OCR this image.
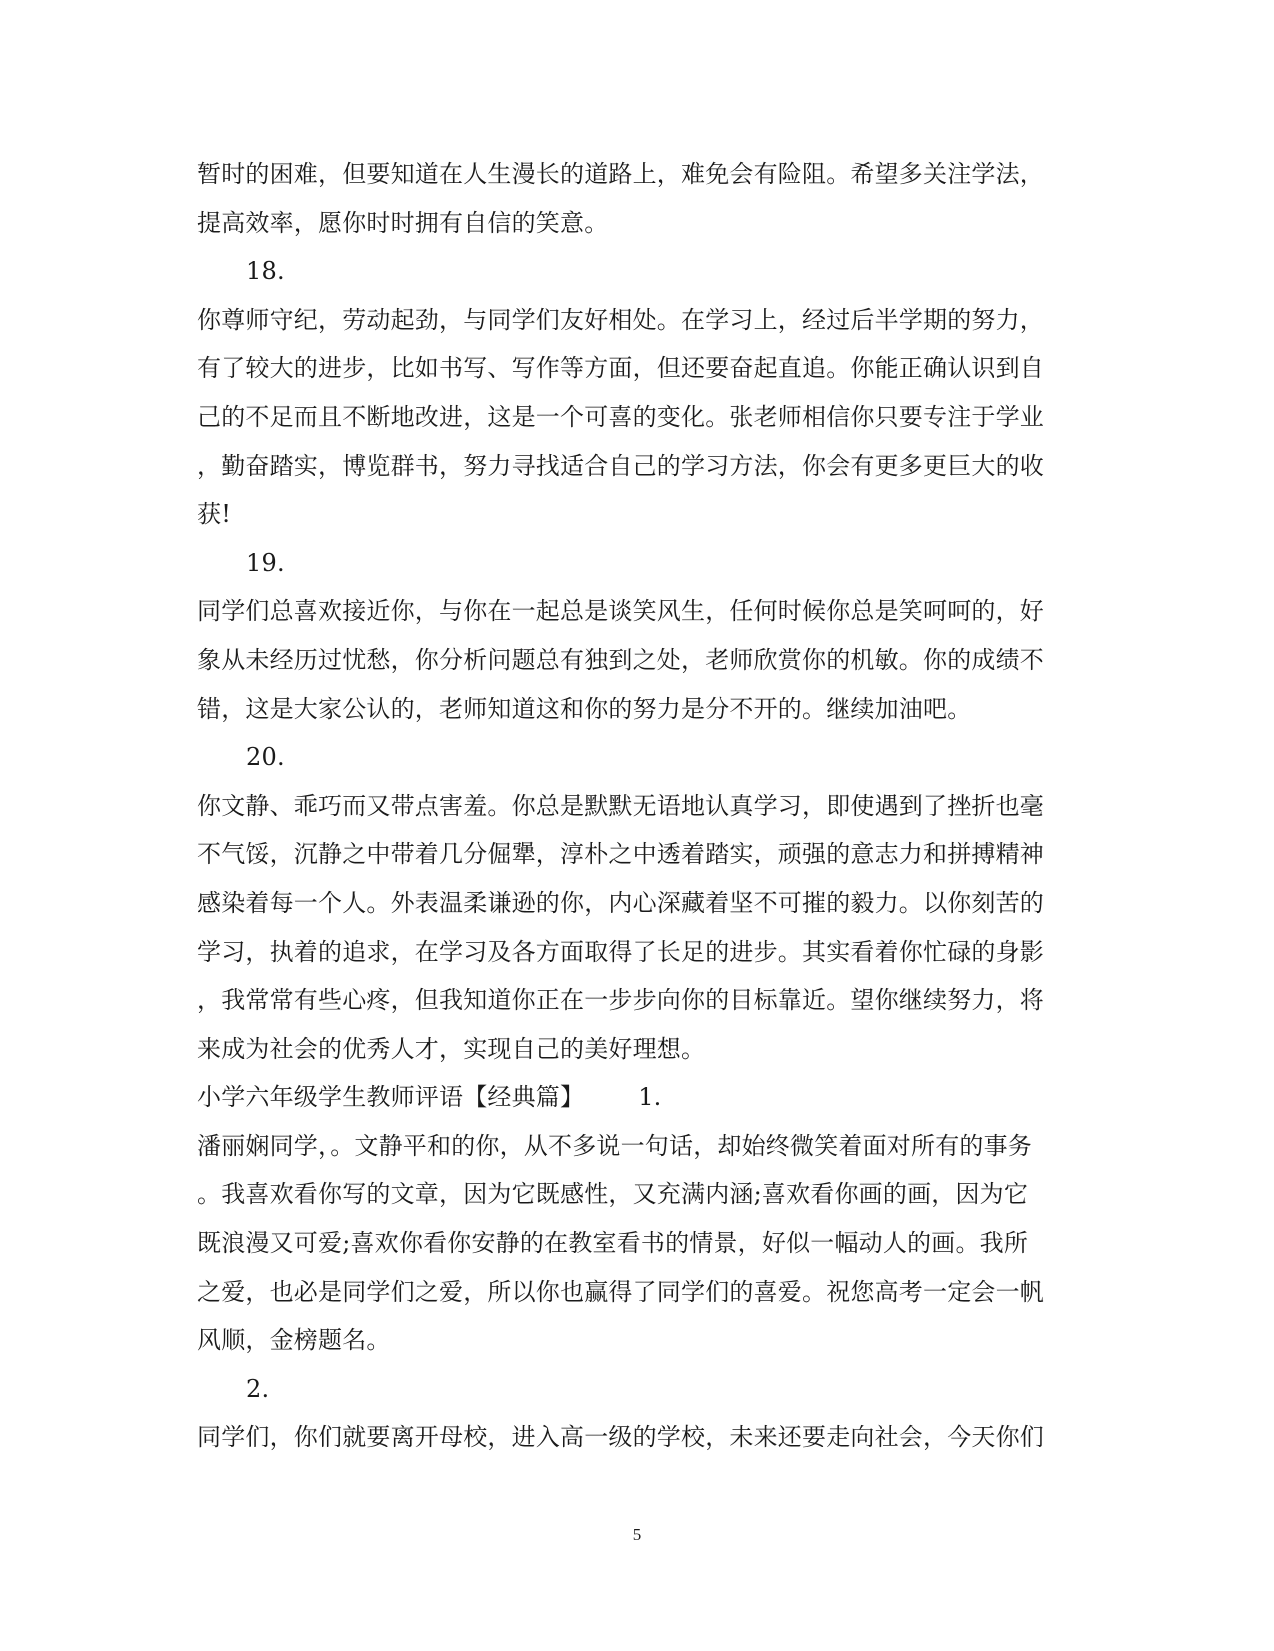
暂时的困难，但要知道在人生漫长的道路上，难免会有险阻。希望多关注学法，
提高效率，愿你时时拥有自信的笑意。
18.
你尊师守纪，劳动起劲，与同学们友好相处。在学习上，经过后半学期的努力，
有了较大的进步，比如书写、写作等方面，但还要奋起直追。你能正确认识到自
己的不足而且不断地改进，这是一个可喜的变化。张老师相信你只要专注于学业
，勤奋踏实，博览群书，努力寻找适合自己的学习方法，你会有更多更巨大的收
获!
19.
同学们总喜欢接近你，与你在一起总是谈笑风生，任何时候你总是笑呵呵的，好
象从未经历过忧愁，你分析问题总有独到之处，老师欣赏你的机敏。你的成绩不
错，这是大家公认的，老师知道这和你的努力是分不开的。继续加油吧。
20.
你文静、乖巧而又带点害羞。你总是默默无语地认真学习，即使遇到了挫折也毫
不气馁，沉静之中带着几分倔犟，淳朴之中透着踏实，顽强的意志力和拼搏精神
感染着每一个人。外表温柔谦逊的你，内心深藏着坚不可摧的毅力。以你刻苦的
学习，执着的追求，在学习及各方面取得了长足的进步。其实看着你忙碌的身影
，我常常有些心疼，但我知道你正在一步步向你的目标靠近。望你继续努力，将
来成为社会的优秀人才，实现自己的美好理想。
小学六年级学生教师评语【经典篇】 1.
潘丽娴同学，。文静平和的你，从不多说一句话，却始终微笑着面对所有的事务
。我喜欢看你写的文章，因为它既感性，又充满内涵;喜欢看你画的画，因为它
既浪漫又可爱;喜欢你看你安静的在教室看书的情景，好似一幅动人的画。我所
之爱，也必是同学们之爱，所以你也赢得了同学们的喜爱。祝您高考一定会一帆
风顺，金榜题名。
2.
同学们，你们就要离开母校，进入高一级的学校，未来还要走向社会，今天你们
5
